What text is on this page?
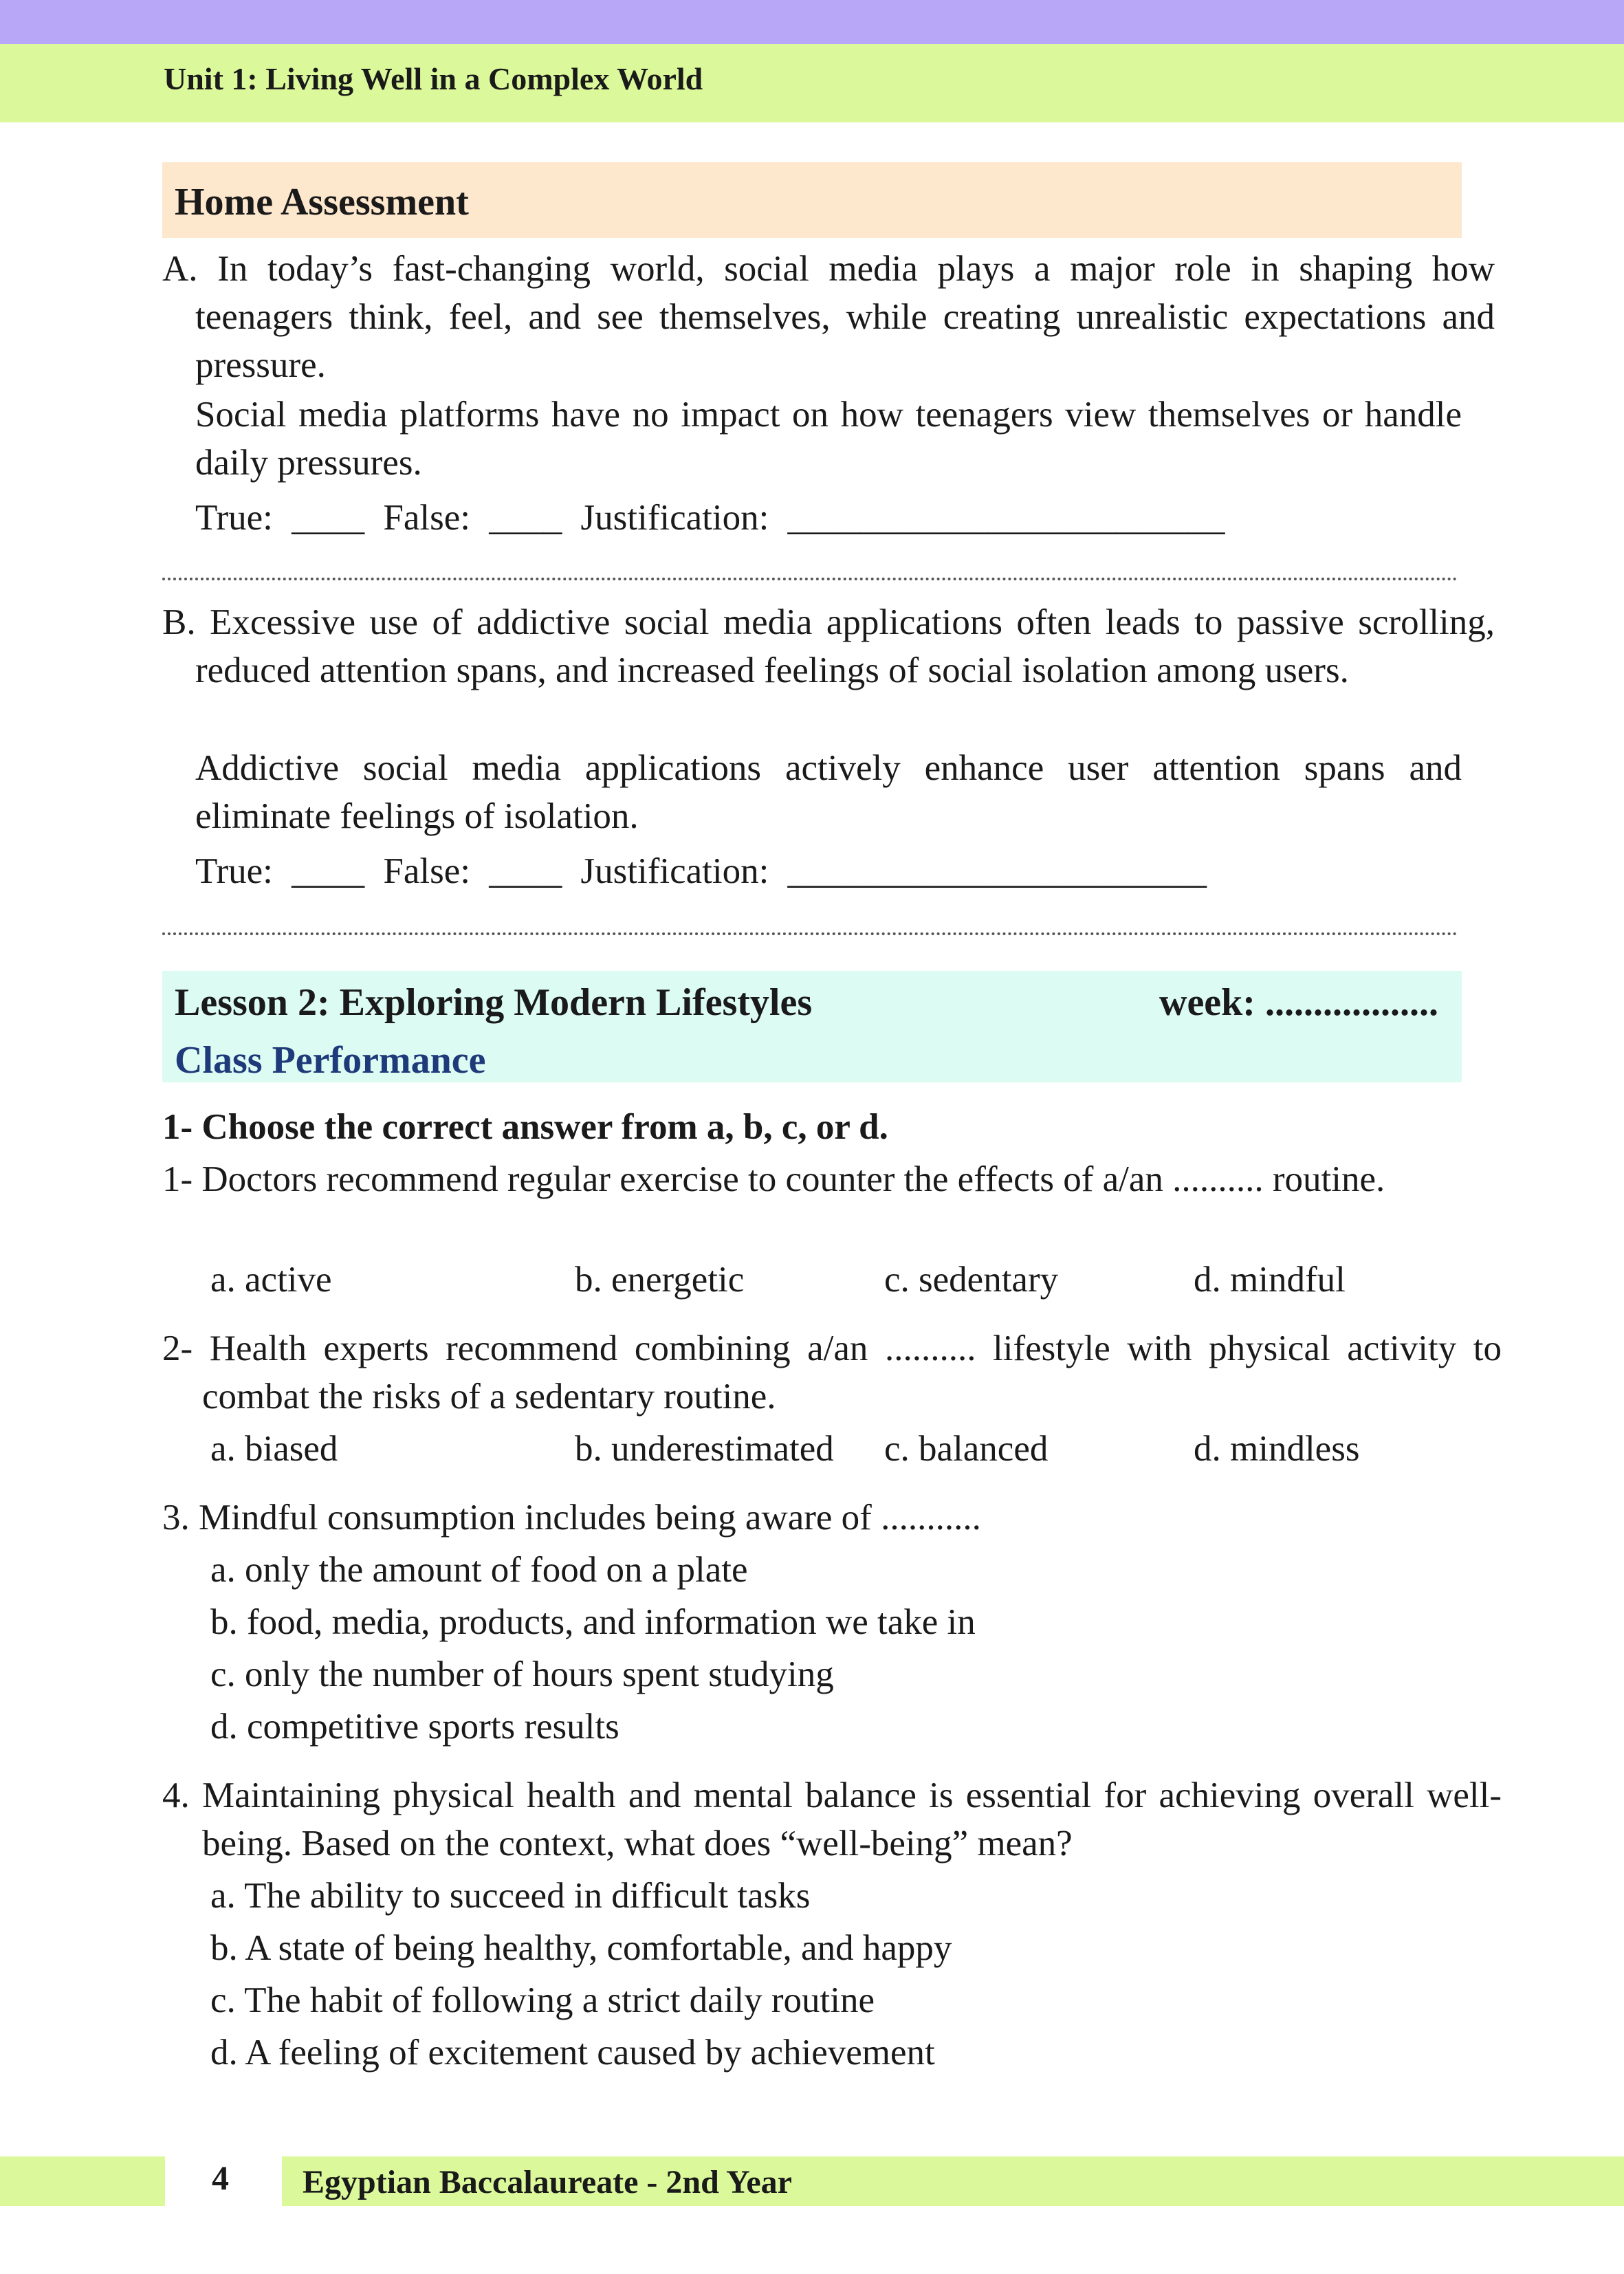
Unit 1: Living Well in a Complex World
Home Assessment
A. In today’s fast-changing world, social media plays a major role in shaping how teenagers think, feel, and see themselves, while creating unrealistic expectations and pressure.
Social media platforms have no impact on how teenagers view themselves or handle daily pressures.
True: ____ False: ____ Justification: ________________________
B. Excessive use of addictive social media applications often leads to passive scrolling, reduced attention spans, and increased feelings of social isolation among users.
Addictive social media applications actively enhance user attention spans and eliminate feelings of isolation.
True: ____ False: ____ Justification: _______________________
Lesson 2: Exploring Modern Lifestyles	week: ..................
Class Performance
1- Choose the correct answer from a, b, c, or d.
1- Doctors recommend regular exercise to counter the effects of a/an .......... routine.
a. active	b. energetic	c. sedentary	d. mindful
2- Health experts recommend combining a/an .......... lifestyle with physical activity to combat the risks of a sedentary routine.
a. biased	b. underestimated c. balanced	d. mindless
3. Mindful consumption includes being aware of ...........
a. only the amount of food on a plate
b. food, media, products, and information we take in
c. only the number of hours spent studying
d. competitive sports results
4. Maintaining physical health and mental balance is essential for achieving overall well-being. Based on the context, what does “well-being” mean?
a. The ability to succeed in difficult tasks
b. A state of being healthy, comfortable, and happy
c. The habit of following a strict daily routine
d. A feeling of excitement caused by achievement
4 Egyptian Baccalaureate - 2nd Year
